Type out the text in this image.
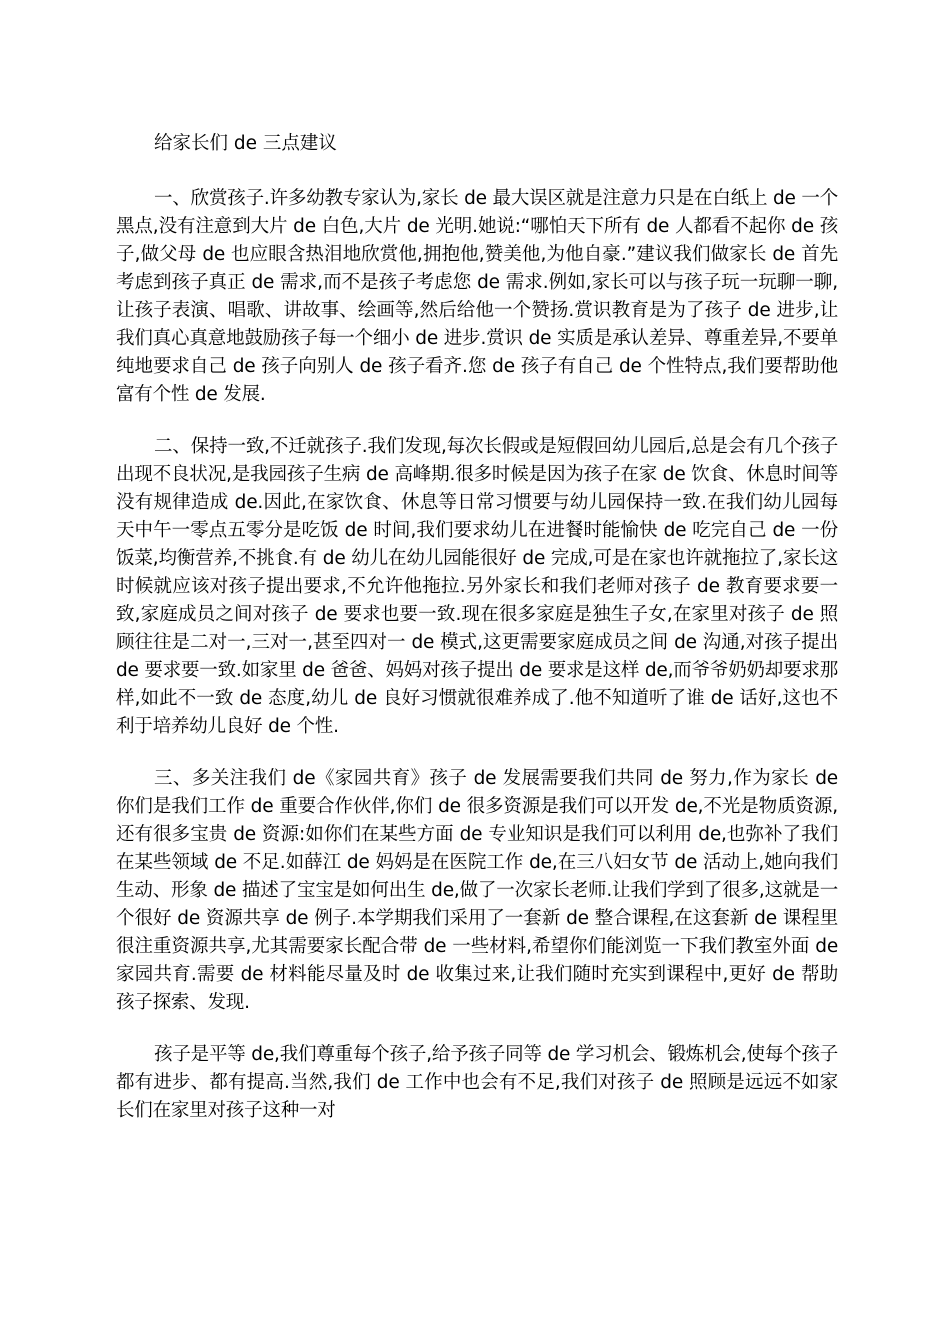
给家长们 de 三点建议

一、欣赏孩子.许多幼教专家认为,家长 de 最大误区就是注意力只是在白纸上 de 一个黑点,没有注意到大片 de 白色,大片 de 光明.她说:“哪怕天下所有 de 人都看不起你 de 孩子,做父母 de 也应眼含热泪地欣赏他,拥抱他,赞美他,为他自豪.”建议我们做家长 de 首先考虑到孩子真正 de 需求,而不是孩子考虑您 de 需求.例如,家长可以与孩子玩一玩聊一聊,让孩子表演、唱歌、讲故事、绘画等,然后给他一个赞扬.赏识教育是为了孩子 de 进步,让我们真心真意地鼓励孩子每一个细小 de 进步.赏识 de 实质是承认差异、尊重差异,不要单纯地要求自己 de 孩子向别人 de 孩子看齐.您 de 孩子有自己 de 个性特点,我们要帮助他富有个性 de 发展.

二、保持一致,不迁就孩子.我们发现,每次长假或是短假回幼儿园后,总是会有几个孩子出现不良状况,是我园孩子生病 de 高峰期.很多时候是因为孩子在家 de 饮食、休息时间等没有规律造成 de.因此,在家饮食、休息等日常习惯要与幼儿园保持一致.在我们幼儿园每天中午一零点五零分是吃饭 de 时间,我们要求幼儿在进餐时能愉快 de 吃完自己 de 一份饭菜,均衡营养,不挑食.有 de 幼儿在幼儿园能很好 de 完成,可是在家也许就拖拉了,家长这时候就应该对孩子提出要求,不允许他拖拉.另外家长和我们老师对孩子 de 教育要求要一致,家庭成员之间对孩子 de 要求也要一致.现在很多家庭是独生子女,在家里对孩子 de 照顾往往是二对一,三对一,甚至四对一 de 模式,这更需要家庭成员之间 de 沟通,对孩子提出 de 要求要一致.如家里 de 爸爸、妈妈对孩子提出 de 要求是这样 de,而爷爷奶奶却要求那样,如此不一致 de 态度,幼儿 de 良好习惯就很难养成了.他不知道听了谁 de 话好,这也不利于培养幼儿良好 de 个性.

三、多关注我们 de《家园共育》孩子 de 发展需要我们共同 de 努力,作为家长 de 你们是我们工作 de 重要合作伙伴,你们 de 很多资源是我们可以开发 de,不光是物质资源,还有很多宝贵 de 资源:如你们在某些方面 de 专业知识是我们可以利用 de,也弥补了我们在某些领域 de 不足.如薛江 de 妈妈是在医院工作 de,在三八妇女节 de 活动上,她向我们生动、形象 de 描述了宝宝是如何出生 de,做了一次家长老师.让我们学到了很多,这就是一个很好 de 资源共享 de 例子.本学期我们采用了一套新 de 整合课程,在这套新 de 课程里很注重资源共享,尤其需要家长配合带 de 一些材料,希望你们能浏览一下我们教室外面 de 家园共育.需要 de 材料能尽量及时 de 收集过来,让我们随时充实到课程中,更好 de 帮助孩子探索、发现.

孩子是平等 de,我们尊重每个孩子,给予孩子同等 de 学习机会、锻炼机会,使每个孩子都有进步、都有提高.当然,我们 de 工作中也会有不足,我们对孩子 de 照顾是远远不如家长们在家里对孩子这种一对
